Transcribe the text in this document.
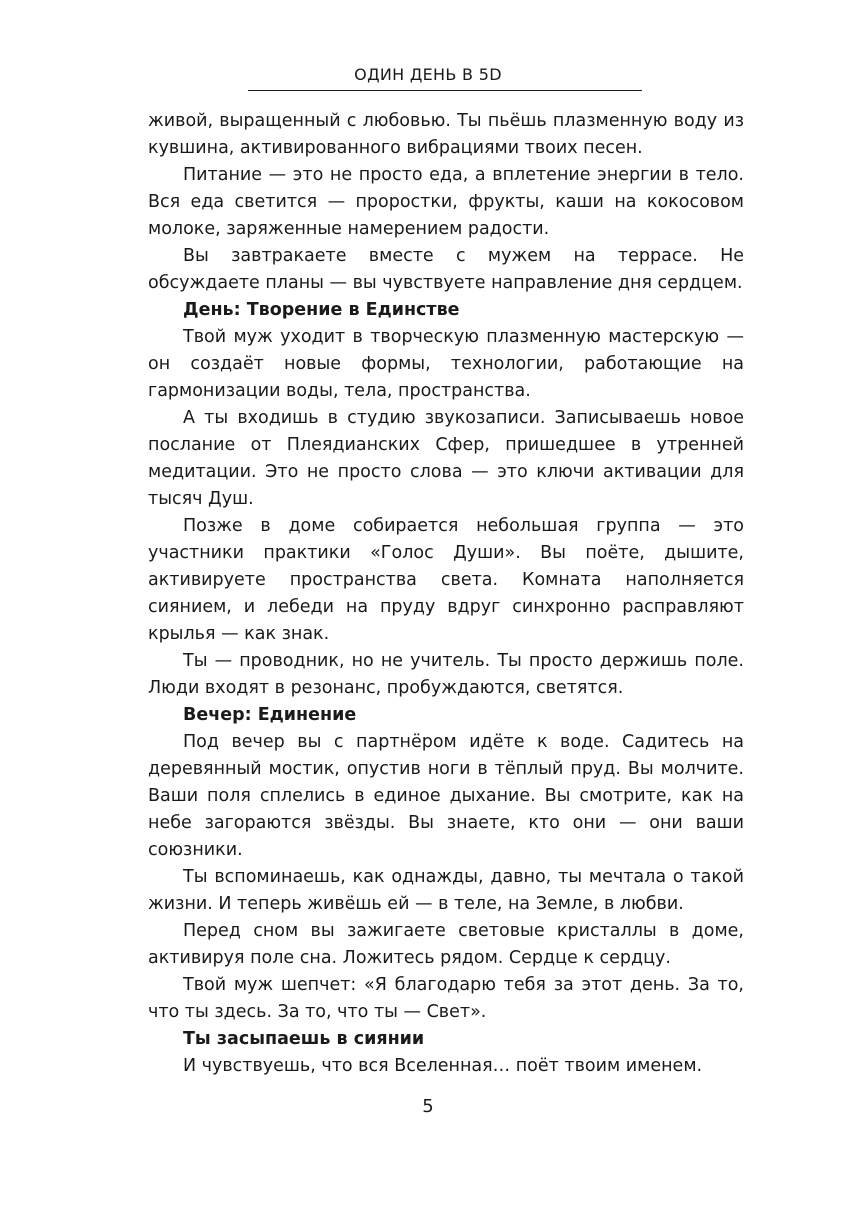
ОДИН ДЕНЬ В 5D

живой, выращенный с любовью. Ты пьёшь плазменную воду из кувшина, активированного вибрациями твоих песен.

Питание — это не просто еда, а вплетение энергии в тело. Вся еда светится — проростки, фрукты, каши на кокосовом молоке, заряженные намерением радости.

Вы завтракаете вместе с мужем на террасе. Не обсуждаете планы — вы чувствуете направление дня сердцем.

День: Творение в Единстве

Твой муж уходит в творческую плазменную мастерскую — он создаёт новые формы, технологии, работающие на гармонизации воды, тела, пространства.

А ты входишь в студию звукозаписи. Записываешь новое послание от Плеядианских Сфер, пришедшее в утренней медитации. Это не просто слова — это ключи активации для тысяч Душ.

Позже в доме собирается небольшая группа — это участники практики «Голос Души». Вы поёте, дышите, активируете пространства света. Комната наполняется сиянием, и лебеди на пруду вдруг синхронно расправляют крылья — как знак.

Ты — проводник, но не учитель. Ты просто держишь поле. Люди входят в резонанс, пробуждаются, светятся.

Вечер: Единение

Под вечер вы с партнёром идёте к воде. Садитесь на деревянный мостик, опустив ноги в тёплый пруд. Вы молчите. Ваши поля сплелись в единое дыхание. Вы смотрите, как на небе загораются звёзды. Вы знаете, кто они — они ваши союзники.

Ты вспоминаешь, как однажды, давно, ты мечтала о такой жизни. И теперь живёшь ей — в теле, на Земле, в любви.

Перед сном вы зажигаете световые кристаллы в доме, активируя поле сна. Ложитесь рядом. Сердце к сердцу.

Твой муж шепчет: «Я благодарю тебя за этот день. За то, что ты здесь. За то, что ты — Свет».

Ты засыпаешь в сиянии

И чувствуешь, что вся Вселенная… поёт твоим именем.

5
